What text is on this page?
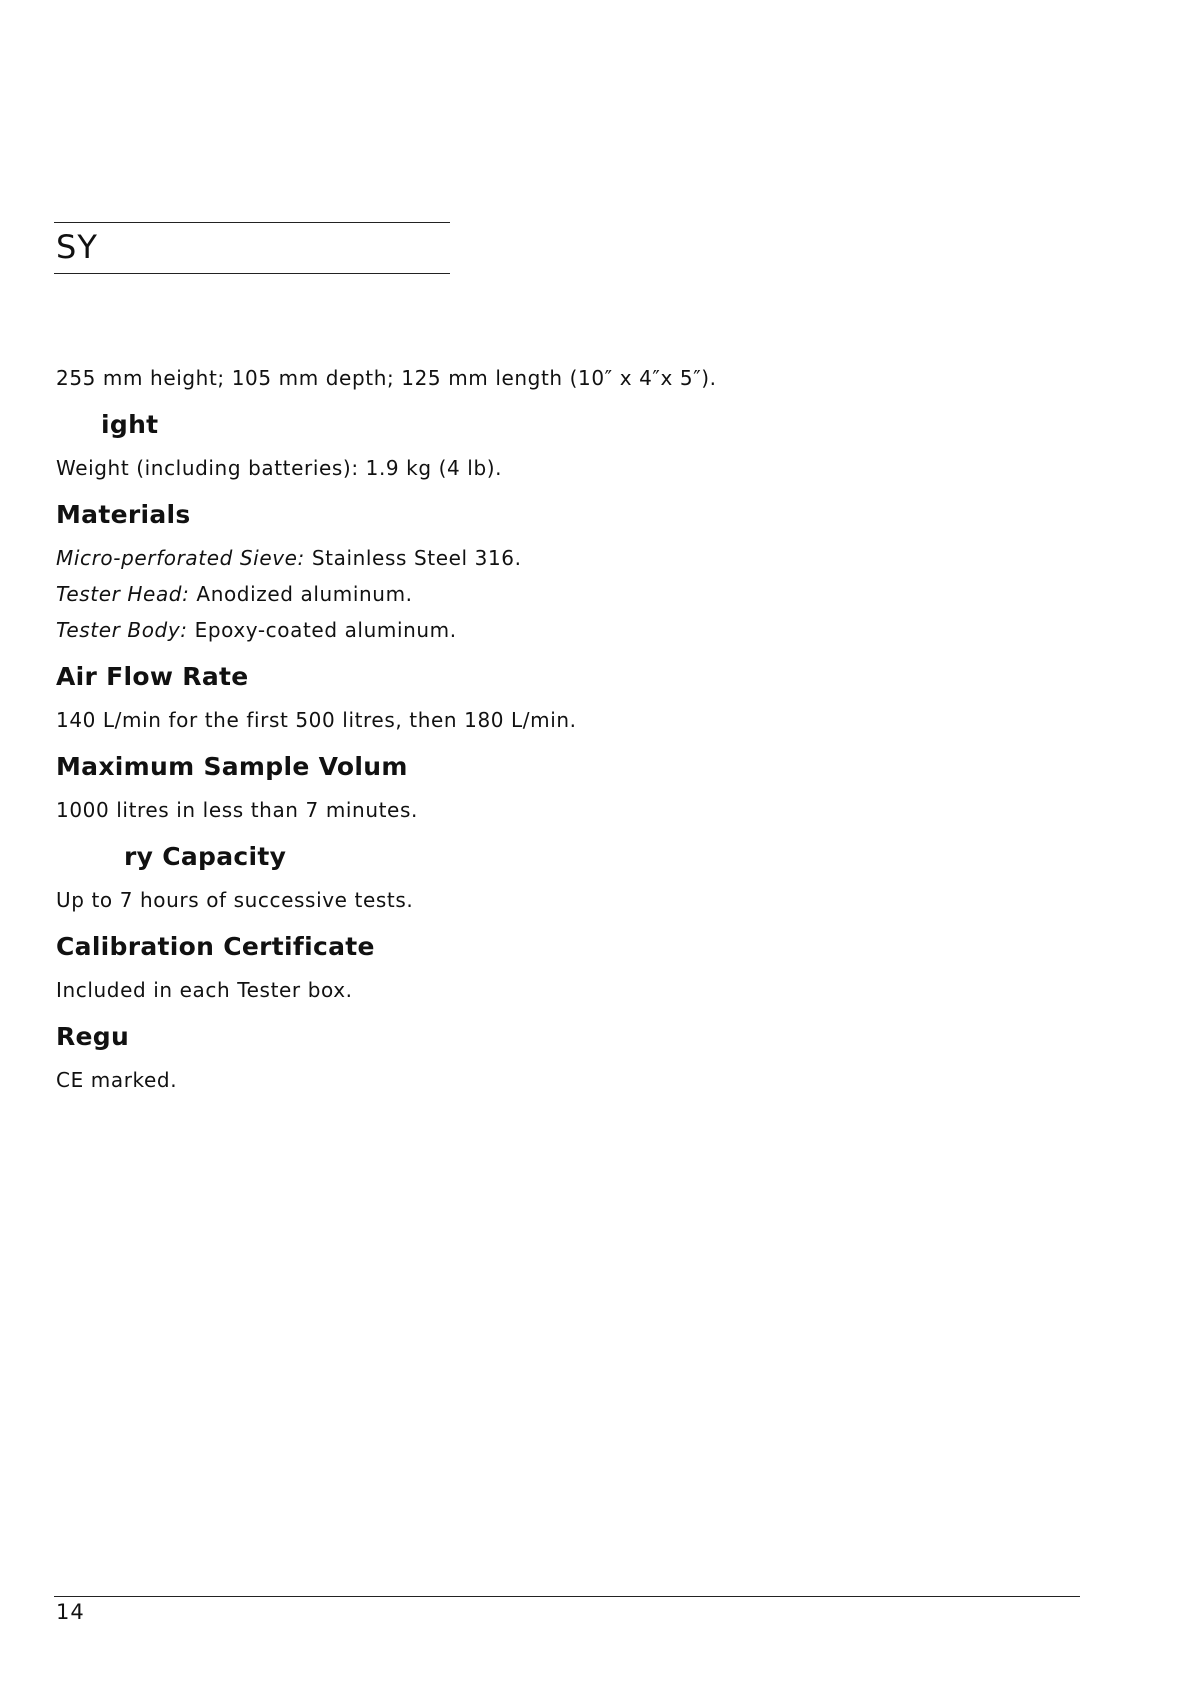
SY

255 mm height; 105 mm depth; 125 mm length (10″ x 4″x 5″).

ight

Weight (including batteries): 1.9 kg (4 lb).

Materials

Micro-perforated Sieve: Stainless Steel 316.

Tester Head: Anodized aluminum.

Tester Body: Epoxy-coated aluminum.

Air Flow Rate

140 L/min for the first 500 litres, then 180 L/min.

Maximum Sample Volum

1000 litres in less than 7 minutes.

ry Capacity

Up to 7 hours of successive tests.

Calibration Certificate

Included in each Tester box.

Regu

CE marked.

14
